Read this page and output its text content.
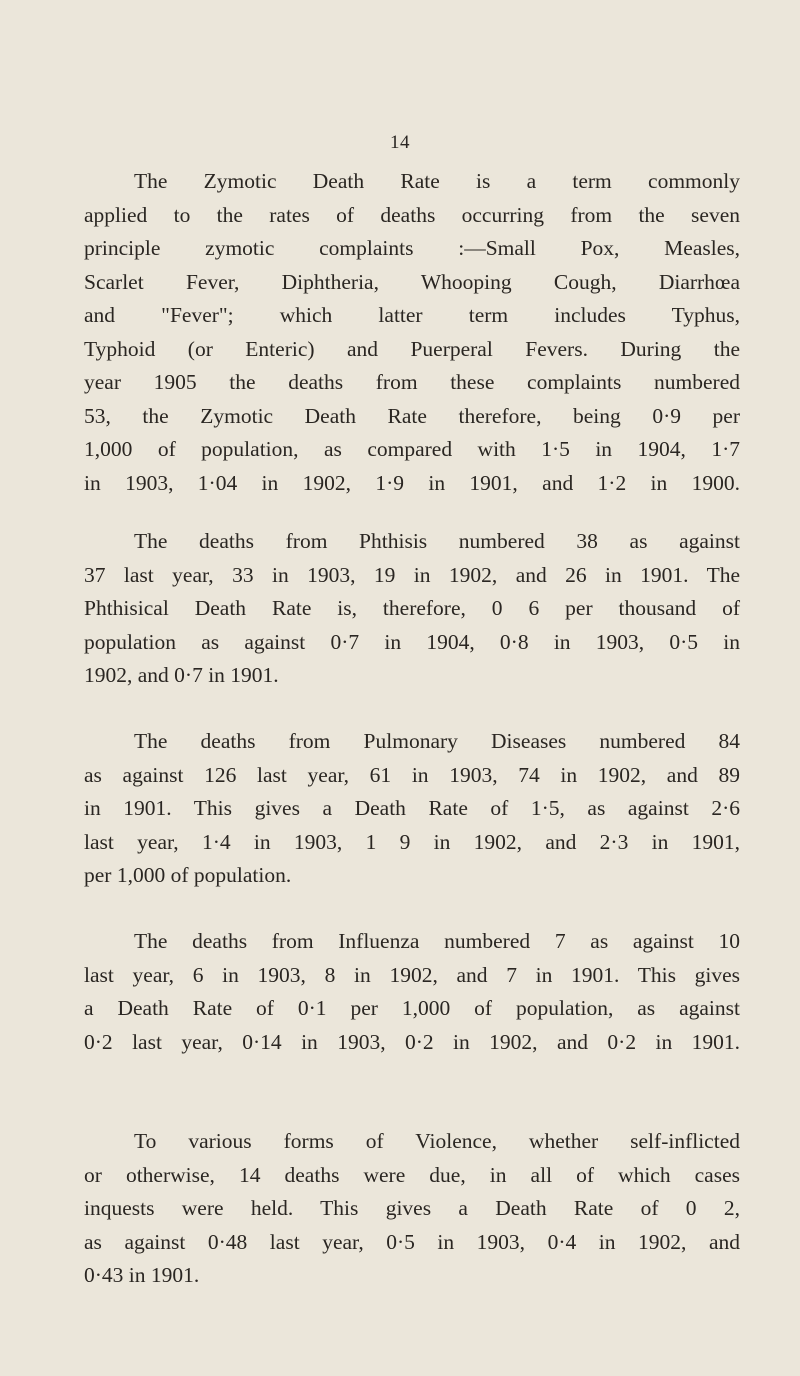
14
The Zymotic Death Rate is a term commonly
applied to the rates of deaths occurring from the seven
principle zymotic complaints :—Small Pox, Measles,
Scarlet Fever, Diphtheria, Whooping Cough, Diarrhœa
and "Fever"; which latter term includes Typhus,
Typhoid (or Enteric) and Puerperal Fevers. During the
year 1905 the deaths from these complaints numbered
53, the Zymotic Death Rate therefore, being 0·9 per
1,000 of population, as compared with 1·5 in 1904, 1·7
in 1903, 1·04 in 1902, 1·9 in 1901, and 1·2 in 1900.
The deaths from Phthisis numbered 38 as against
37 last year, 33 in 1903, 19 in 1902, and 26 in 1901. The
Phthisical Death Rate is, therefore, 0 6 per thousand of
population as against 0·7 in 1904, 0·8 in 1903, 0·5 in
1902, and 0·7 in 1901.
The deaths from Pulmonary Diseases numbered 84
as against 126 last year, 61 in 1903, 74 in 1902, and 89
in 1901. This gives a Death Rate of 1·5, as against 2·6
last year, 1·4 in 1903, 1 9 in 1902, and 2·3 in 1901,
per 1,000 of population.
The deaths from Influenza numbered 7 as against 10
last year, 6 in 1903, 8 in 1902, and 7 in 1901. This gives
a Death Rate of 0·1 per 1,000 of population, as against
0·2 last year, 0·14 in 1903, 0·2 in 1902, and 0·2 in 1901.
To various forms of Violence, whether self-inflicted
or otherwise, 14 deaths were due, in all of which cases
inquests were held. This gives a Death Rate of 0 2,
as against 0·48 last year, 0·5 in 1903, 0·4 in 1902, and
0·43 in 1901.
